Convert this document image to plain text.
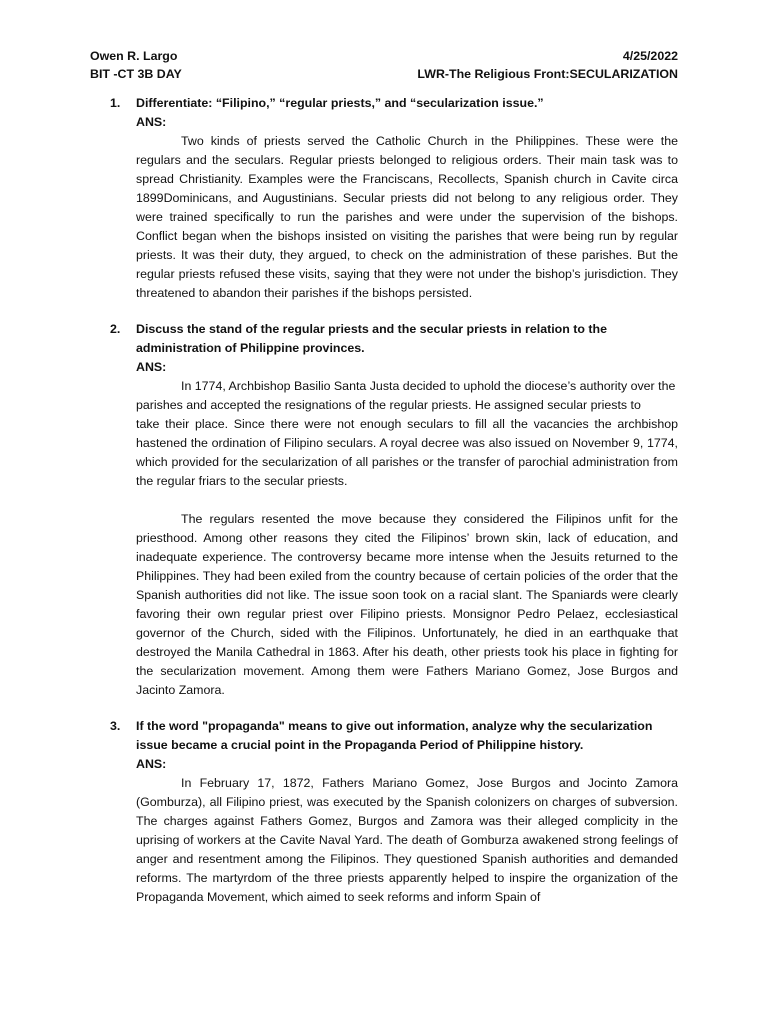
Owen R. Largo
BIT -CT 3B DAY
4/25/2022
LWR-The Religious Front:SECULARIZATION
1. Differentiate: “Filipino,” “regular priests,” and “secularization issue.”
ANS:
Two kinds of priests served the Catholic Church in the Philippines. These were the regulars and the seculars. Regular priests belonged to religious orders. Their main task was to spread Christianity. Examples were the Franciscans, Recollects, Spanish church in Cavite circa 1899Dominicans, and Augustinians. Secular priests did not belong to any religious order. They were trained specifically to run the parishes and were under the supervision of the bishops. Conflict began when the bishops insisted on visiting the parishes that were being run by regular priests. It was their duty, they argued, to check on the administration of these parishes. But the regular priests refused these visits, saying that they were not under the bishop’s jurisdiction. They threatened to abandon their parishes if the bishops persisted.
2. Discuss the stand of the regular priests and the secular priests in relation to the administration of Philippine provinces.
ANS:
In 1774, Archbishop Basilio Santa Justa decided to uphold the diocese’s authority over the
parishes and accepted the resignations of the regular priests. He assigned secular priests to
take their place. Since there were not enough seculars to fill all the vacancies the archbishop hastened the ordination of Filipino seculars. A royal decree was also issued on November 9, 1774, which provided for the secularization of all parishes or the transfer of parochial administration from the regular friars to the secular priests.
The regulars resented the move because they considered the Filipinos unfit for the priesthood. Among other reasons they cited the Filipinos’ brown skin, lack of education, and inadequate experience. The controversy became more intense when the Jesuits returned to the Philippines. They had been exiled from the country because of certain policies of the order that the Spanish authorities did not like. The issue soon took on a racial slant. The Spaniards were clearly favoring their own regular priest over Filipino priests. Monsignor Pedro Pelaez, ecclesiastical governor of the Church, sided with the Filipinos. Unfortunately, he died in an earthquake that destroyed the Manila Cathedral in 1863. After his death, other priests took his place in fighting for the secularization movement. Among them were Fathers Mariano Gomez, Jose Burgos and Jacinto Zamora.
3. If the word "propaganda" means to give out information, analyze why the secularization issue became a crucial point in the Propaganda Period of Philippine history.
ANS:
In February 17, 1872, Fathers Mariano Gomez, Jose Burgos and Jocinto Zamora (Gomburza), all Filipino priest, was executed by the Spanish colonizers on charges of subversion. The charges against Fathers Gomez, Burgos and Zamora was their alleged complicity in the uprising of workers at the Cavite Naval Yard. The death of Gomburza awakened strong feelings of anger and resentment among the Filipinos. They questioned Spanish authorities and demanded reforms. The martyrdom of the three priests apparently helped to inspire the organization of the Propaganda Movement, which aimed to seek reforms and inform Spain of
